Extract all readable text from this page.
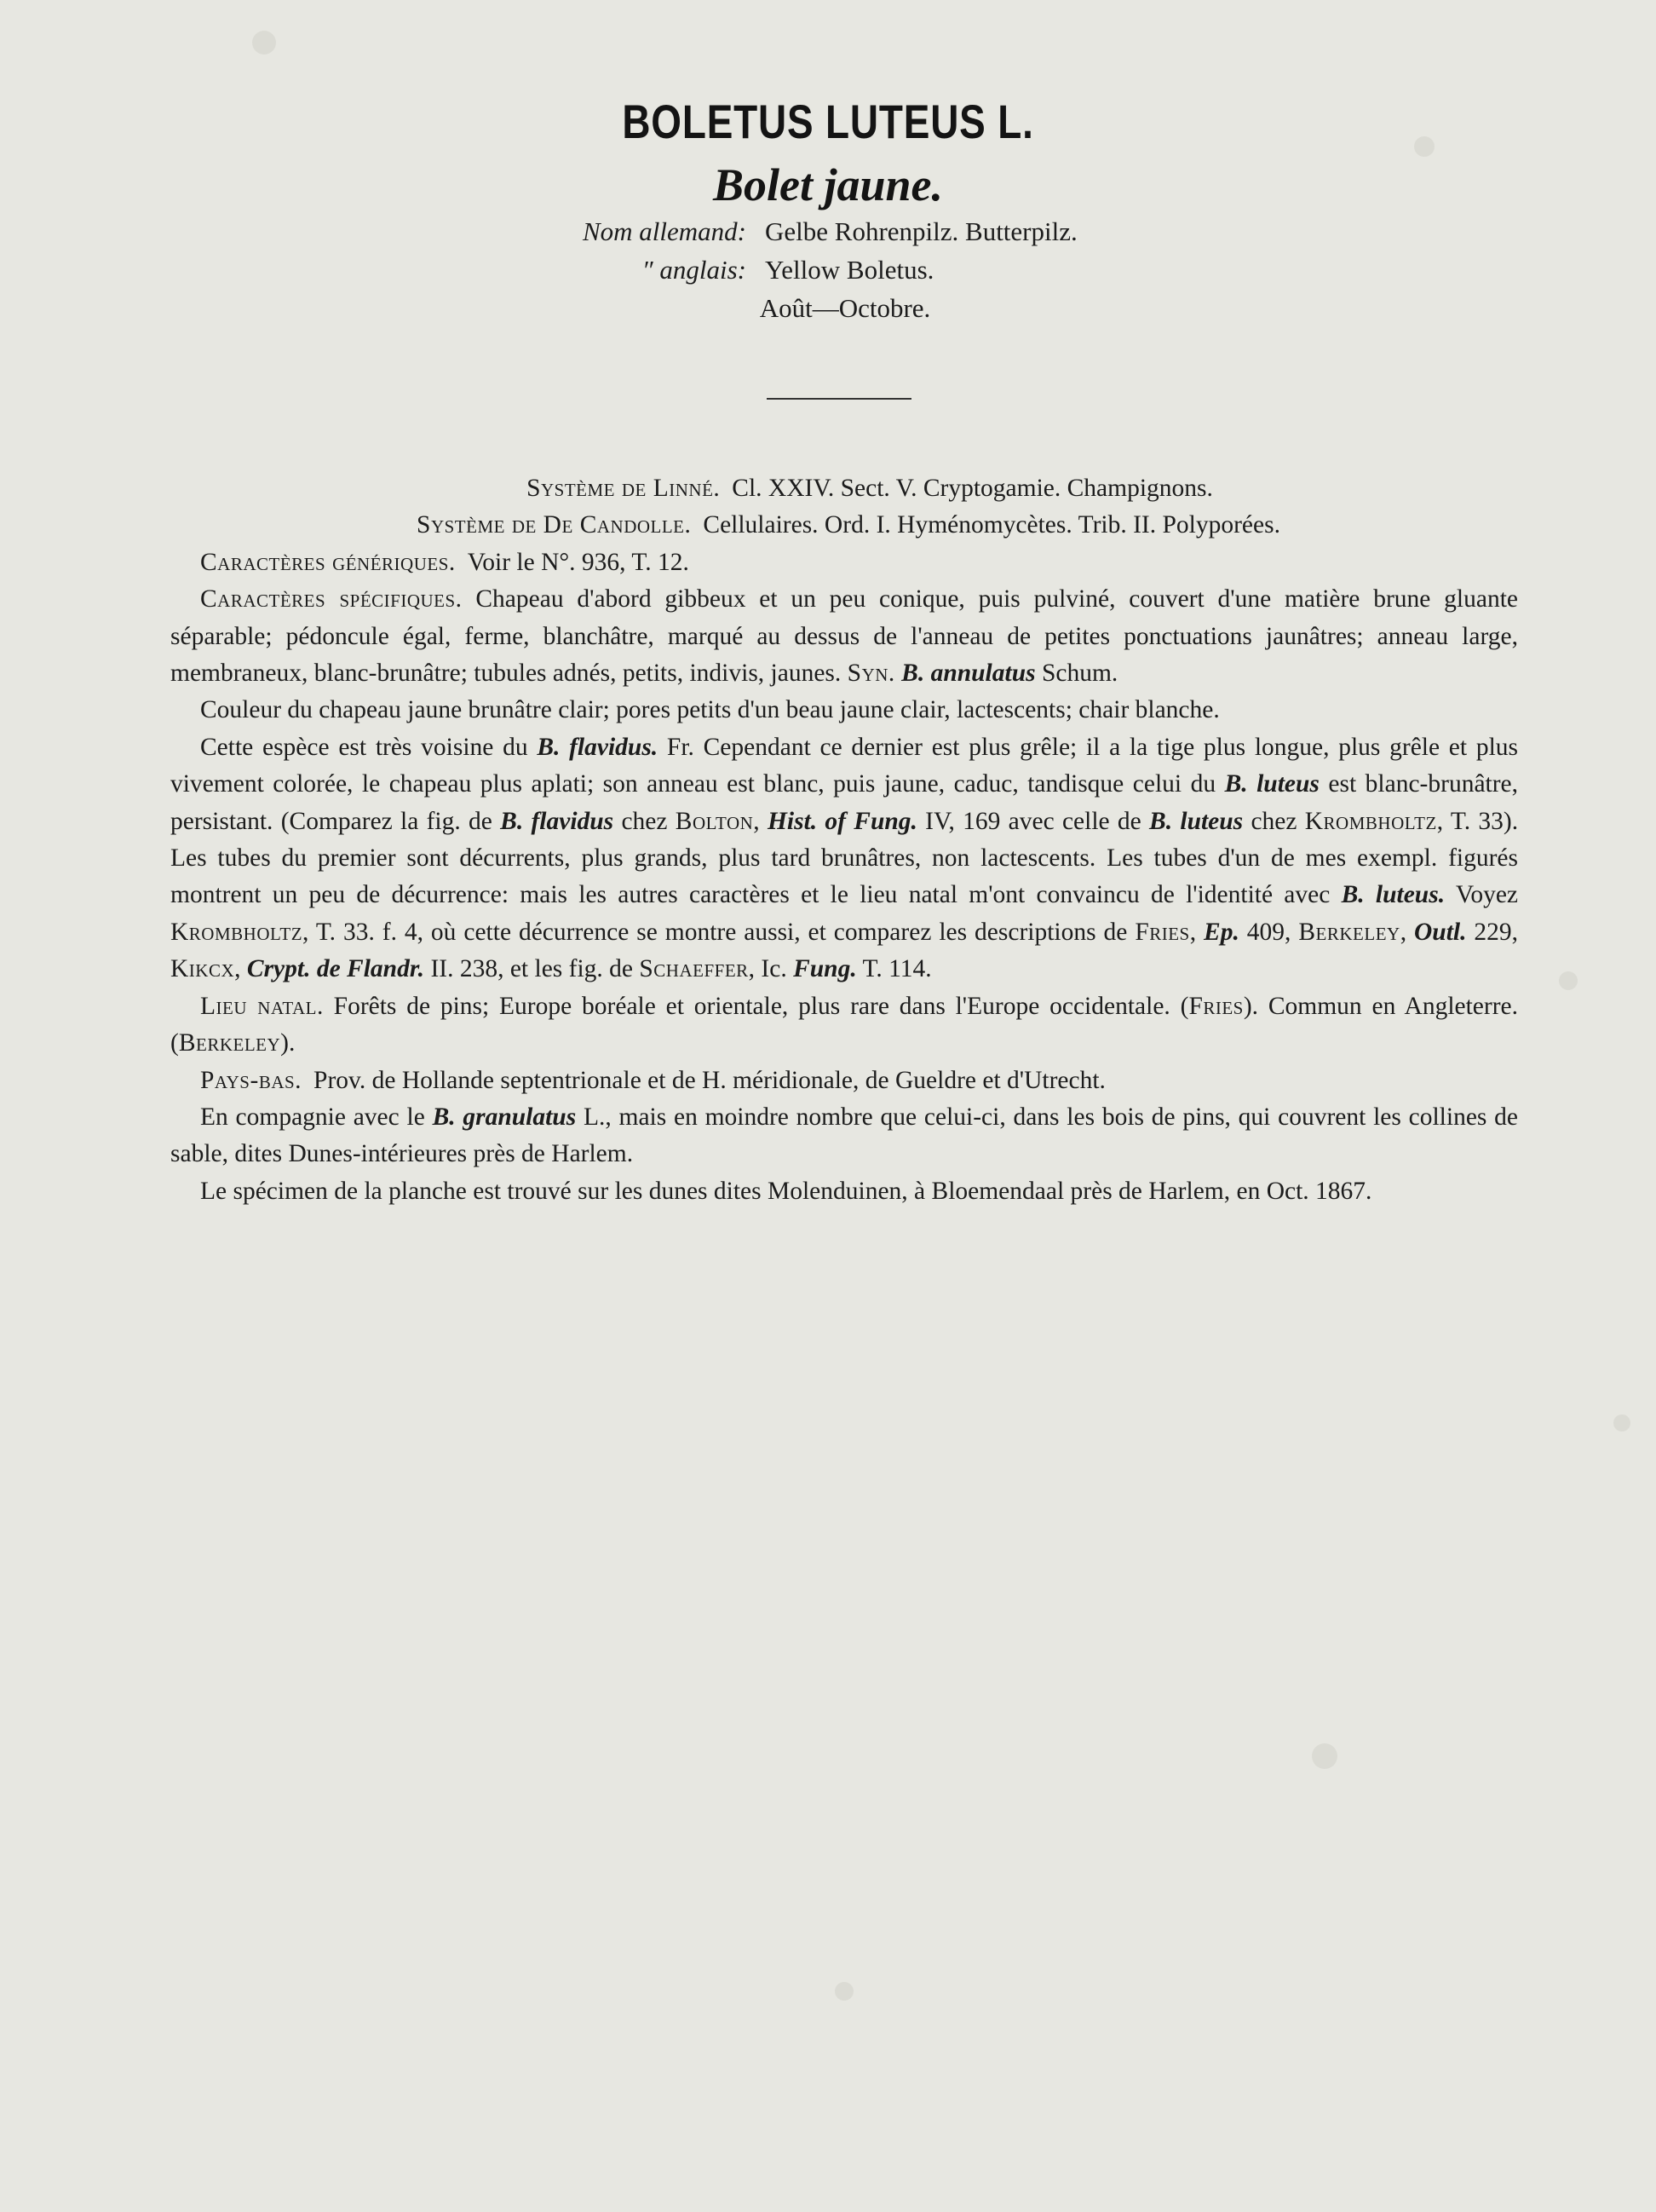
BOLETUS LUTEUS L.
Bolet jaune.
Nom allemand: Gelbe Rohrenpilz. Butterpilz.
″ anglais: Yellow Boletus.
Août—Octobre.

Système de Linné. Cl. XXIV. Sect. V. Cryptogamie. Champignons.

Système de De Candolle. Cellulaires. Ord. I. Hyménomycètes. Trib. II. Polyporées.

Caractères génériques. Voir le N°. 936, T. 12.

Caractères spécifiques. Chapeau d'abord gibbeux et un peu conique, puis pulviné, couvert d'une matière brune gluante séparable; pédoncule égal, ferme, blanchâtre, marqué au dessus de l'anneau de petites ponctuations jaunâtres; anneau large, membraneux, blanc-brunâtre; tubules adnés, petits, indivis, jaunes. Syn. B. annulatus Schum.

Couleur du chapeau jaune brunâtre clair; pores petits d'un beau jaune clair, lactescents; chair blanche.

Cette espèce est très voisine du B. flavidus. Fr. Cependant ce dernier est plus grêle; il a la tige plus longue, plus grêle et plus vivement colorée, le chapeau plus aplati; son anneau est blanc, puis jaune, caduc, tandisque celui du B. luteus est blanc-brunâtre, persistant. (Comparez la fig. de B. flavidus chez Bolton, Hist. of Fung. IV, 169 avec celle de B. luteus chez Krombholtz, T. 33). Les tubes du premier sont décurrents, plus grands, plus tard brunâtres, non lactescents. Les tubes d'un de mes exempl. figurés montrent un peu de décurrence: mais les autres caractères et le lieu natal m'ont convaincu de l'identité avec B. luteus. Voyez Krombholtz, T. 33. f. 4, où cette décurrence se montre aussi, et comparez les descriptions de Fries, Ep. 409, Berkeley, Outl. 229, Kikcx, Crypt. de Flandr. II. 238, et les fig. de Schaeffer, Ic. Fung. T. 114.

Lieu natal. Forêts de pins; Europe boréale et orientale, plus rare dans l'Europe occidentale. (Fries). Commun en Angleterre. (Berkeley).

Pays-bas. Prov. de Hollande septentrionale et de H. méridionale, de Gueldre et d'Utrecht.

En compagnie avec le B. granulatus L., mais en moindre nombre que celui-ci, dans les bois de pins, qui couvrent les collines de sable, dites Dunes-intérieures près de Harlem.

Le spécimen de la planche est trouvé sur les dunes dites Molenduinen, à Bloemendaal près de Harlem, en Oct. 1867.
